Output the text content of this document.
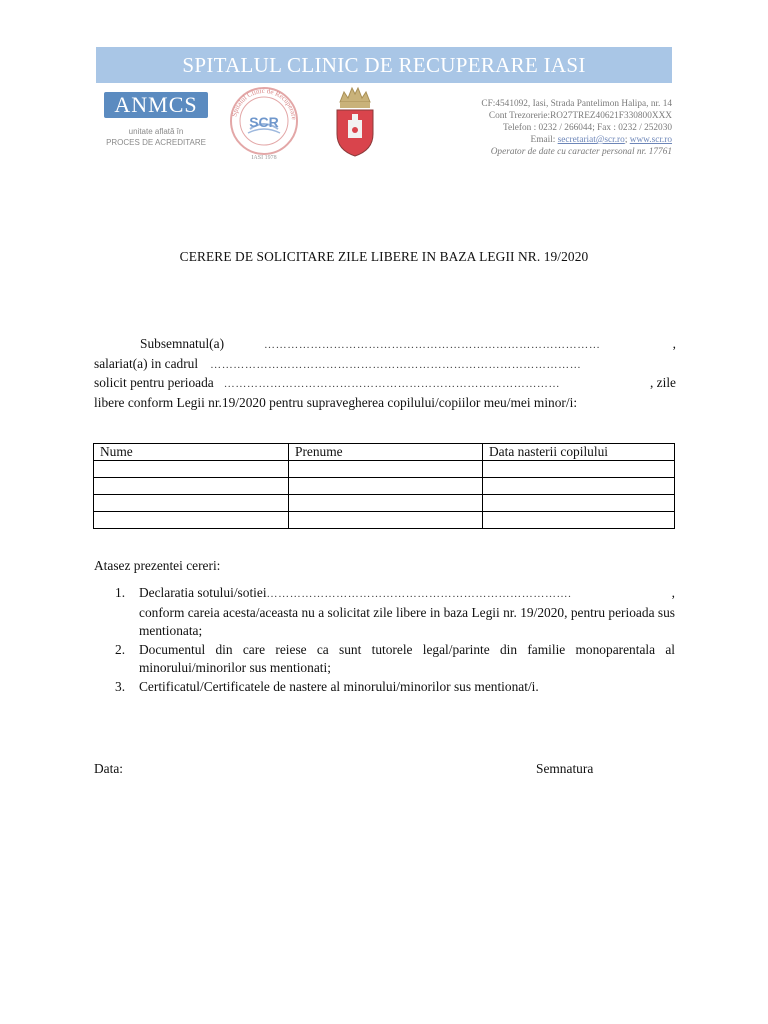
SPITALUL CLINIC DE RECUPERARE IASI
ANMCS
unitate aflată în
PROCES DE ACREDITARE
Spitalul Clinic de Recuperare
SCR
IASI 1978
CF:4541092, Iasi, Strada Pantelimon Halipa, nr. 14
Cont Trezorerie:RO27TREZ40621F330800XXX
Telefon : 0232 / 266044; Fax : 0232 / 252030
Email: secretariat@scr.ro; www.scr.ro
Operator de date cu caracter personal nr. 17761
CERERE DE SOLICITARE ZILE LIBERE IN BAZA LEGII NR. 19/2020
Subsemnatul(a)	……………………………………………………………………………	,
salariat(a) in cadrul ……………………………………………………………………………………
solicit pentru perioada ……………………………………………………………………………	, zile
libere conform Legii nr.19/2020 pentru supravegherea copilului/copiilor meu/mei minor/i:
Nume	Prenume	Data nasterii copilului

Atasez prezentei cereri:
1. Declaratia sotului/sotiei …………………………………………………………………….	,
conform careia acesta/aceasta nu a solicitat zile libere in baza Legii nr. 19/2020, pentru perioada sus mentionata;
2. Documentul din care reiese ca sunt tutorele legal/parinte din familie monoparentala al minorului/minorilor sus mentionati;
3. Certificatul/Certificatele de nastere al minorului/minorilor sus mentionat/i.
Data:	Semnatura
